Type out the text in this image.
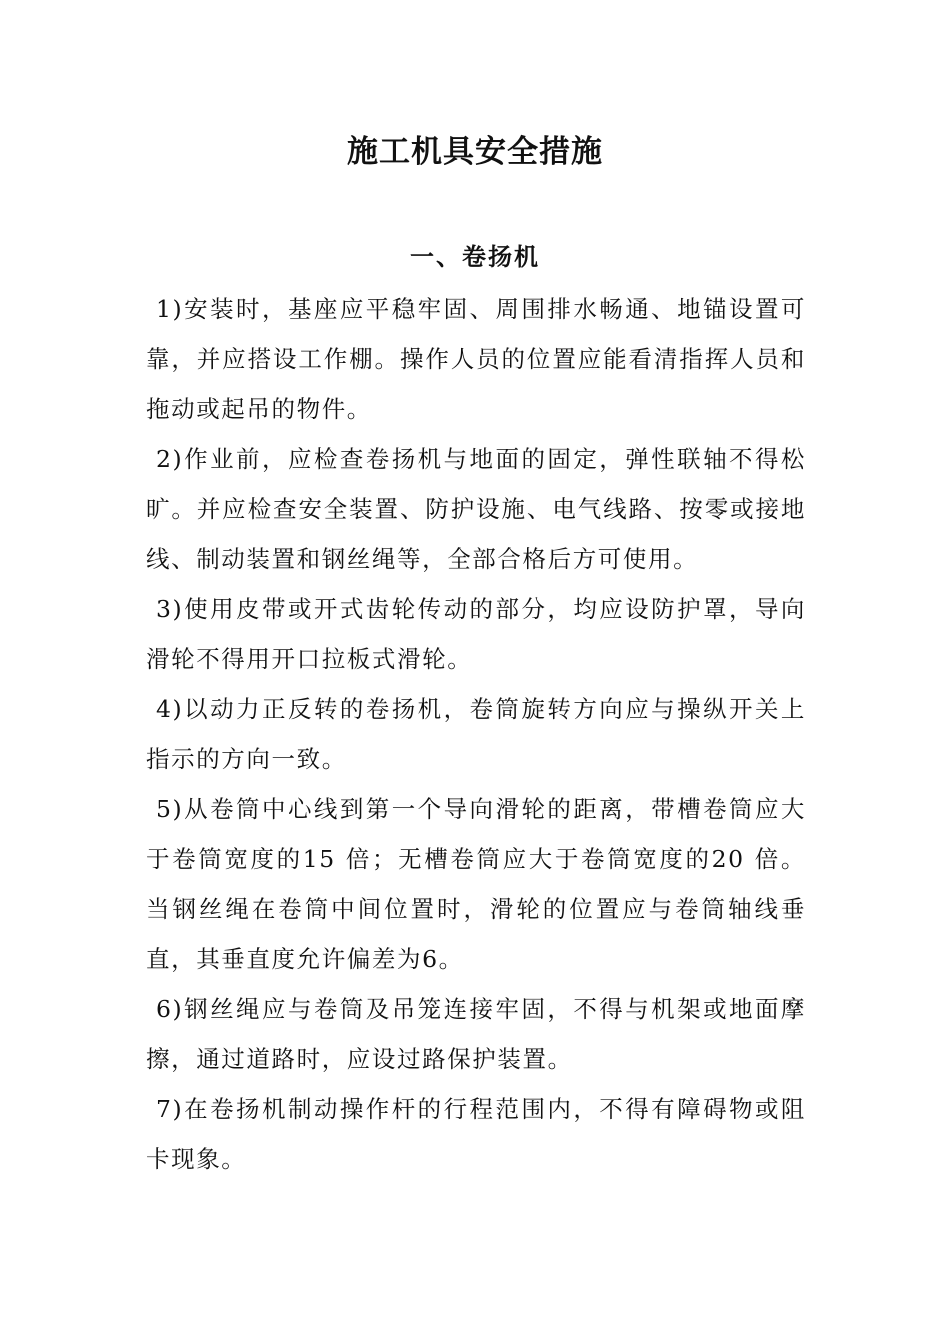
施工机具安全措施
一、卷扬机

1)安装时，基座应平稳牢固、周围排水畅通、地锚设置可靠，并应搭设工作棚。操作人员的位置应能看清指挥人员和拖动或起吊的物件。

2)作业前，应检查卷扬机与地面的固定，弹性联轴不得松旷。并应检查安全装置、防护设施、电气线路、按零或接地线、制动装置和钢丝绳等，全部合格后方可使用。

3)使用皮带或开式齿轮传动的部分，均应设防护罩，导向滑轮不得用开口拉板式滑轮。

4)以动力正反转的卷扬机，卷筒旋转方向应与操纵开关上指示的方向一致。

5)从卷筒中心线到第一个导向滑轮的距离，带槽卷筒应大于卷筒宽度的15 倍；无槽卷筒应大于卷筒宽度的20 倍。当钢丝绳在卷筒中间位置时，滑轮的位置应与卷筒轴线垂直，其垂直度允许偏差为6。

6)钢丝绳应与卷筒及吊笼连接牢固，不得与机架或地面摩擦，通过道路时，应设过路保护装置。

7)在卷扬机制动操作杆的行程范围内，不得有障碍物或阻卡现象。
